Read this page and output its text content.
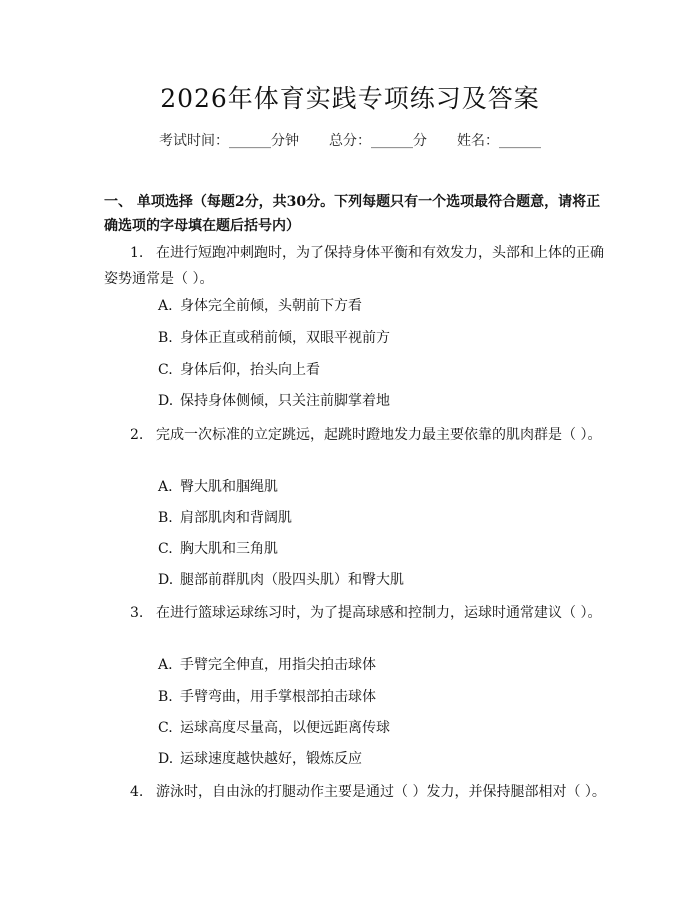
2026年体育实践专项练习及答案
考试时间：______分钟 总分：______分 姓名：______
一、 单项选择（每题2分，共30分。下列每题只有一个选项最符合题意，请将正确选项的字母填在题后括号内）
1. 在进行短跑冲刺跑时，为了保持身体平衡和有效发力，头部和上体的正确姿势通常是（ ）。
A. 身体完全前倾，头朝前下方看
B. 身体正直或稍前倾，双眼平视前方
C. 身体后仰，抬头向上看
D. 保持身体侧倾，只关注前脚掌着地
2. 完成一次标准的立定跳远，起跳时蹬地发力最主要依靠的肌肉群是（ ）。
A. 臀大肌和腘绳肌
B. 肩部肌肉和背阔肌
C. 胸大肌和三角肌
D. 腿部前群肌肉（股四头肌）和臀大肌
3. 在进行篮球运球练习时，为了提高球感和控制力，运球时通常建议（ ）。
A. 手臂完全伸直，用指尖拍击球体
B. 手臂弯曲，用手掌根部拍击球体
C. 运球高度尽量高，以便远距离传球
D. 运球速度越快越好，锻炼反应
4. 游泳时，自由泳的打腿动作主要是通过（ ）发力，并保持腿部相对（ ）。
